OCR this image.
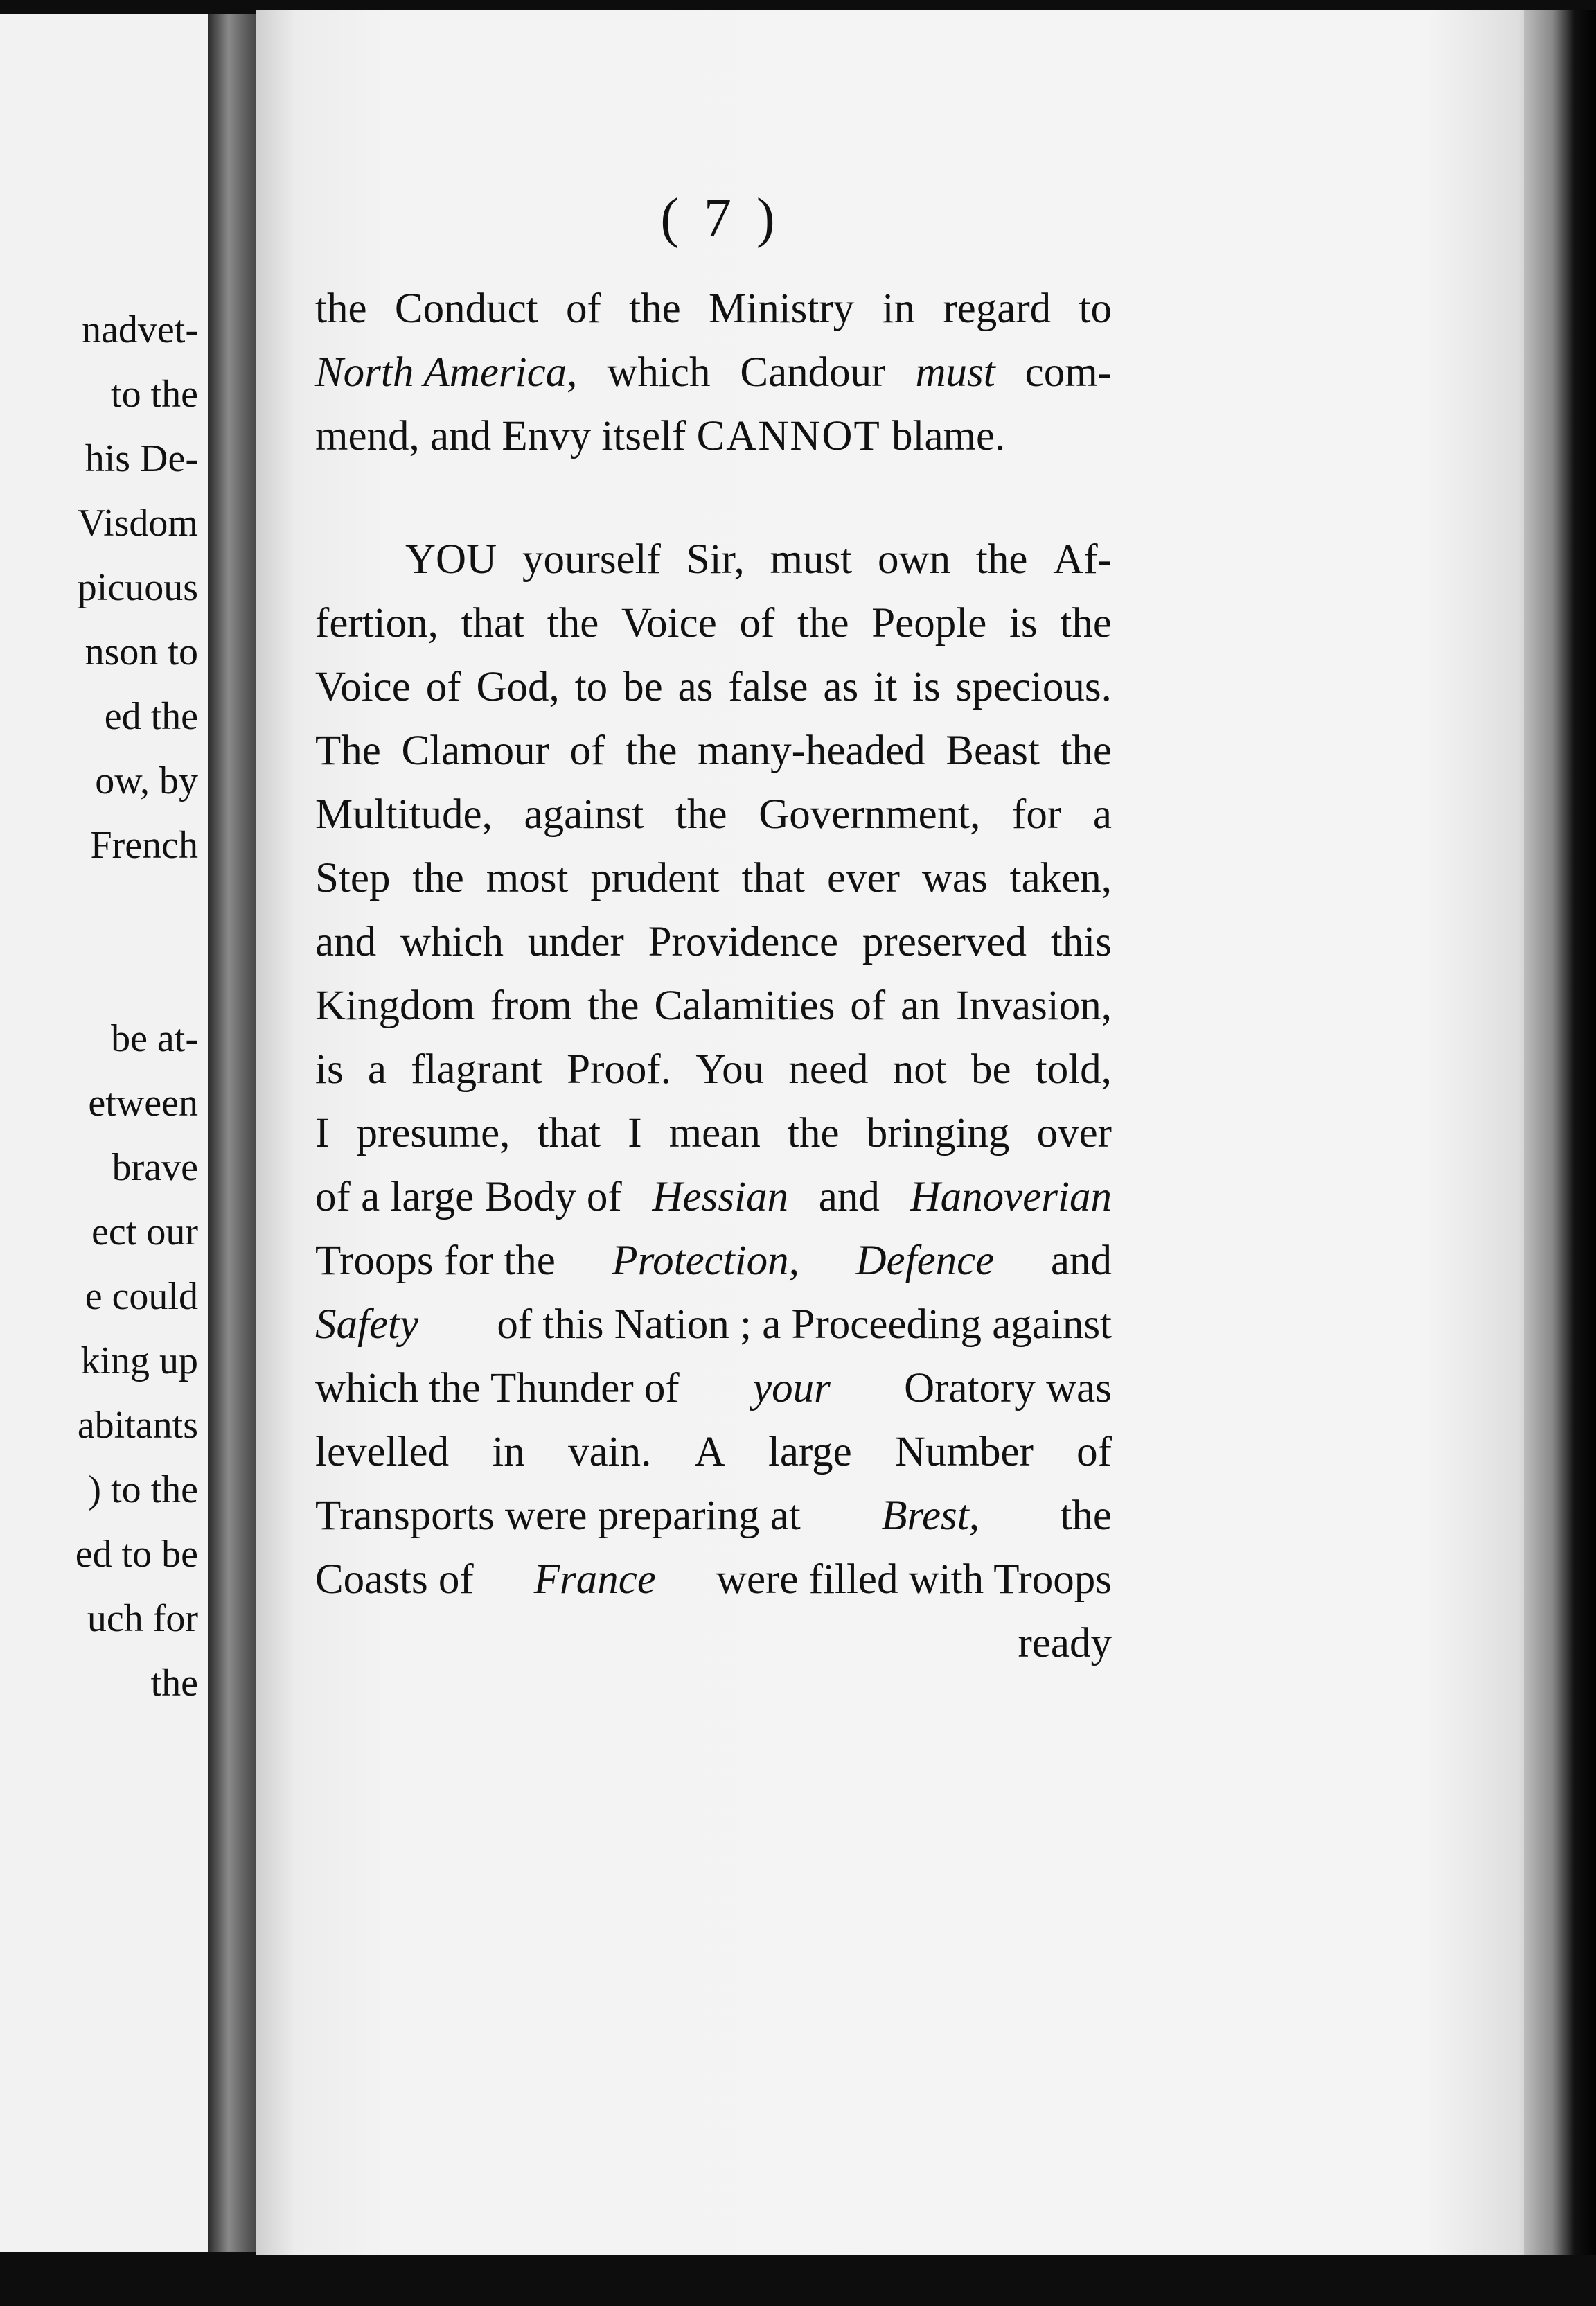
nadvet-
to the
his De-
Visdom
picuous
nson to
ed the
ow, by
French
be at-
etween
brave
ect our
e could
king up
abitants
) to the
ed to be
uch for
the
( 7 )
the Conduct of the Ministry in regard to
North America, which Candour must com-
mend, and Envy itself
CANNOT
blame.
YOU yourself Sir, must own the Af-
fertion, that the Voice of the People is the
Voice of God, to be as false as it is specious.
The Clamour of the many-headed Beast the
Multitude, against the Government, for a
Step the most prudent that ever was taken,
and which under Providence preserved this
Kingdom from the Calamities of an Invasion,
is a flagrant Proof. You need not be told,
I presume, that I mean the bringing over
of a large Body of Hessian and Hanoverian
Troops for the Protection, Defence and
Safety of this Nation ; a Proceeding against
which the Thunder of your Oratory was
levelled in vain. A large Number of
Transports were preparing at Brest, the
Coasts of France were filled with Troops
ready
